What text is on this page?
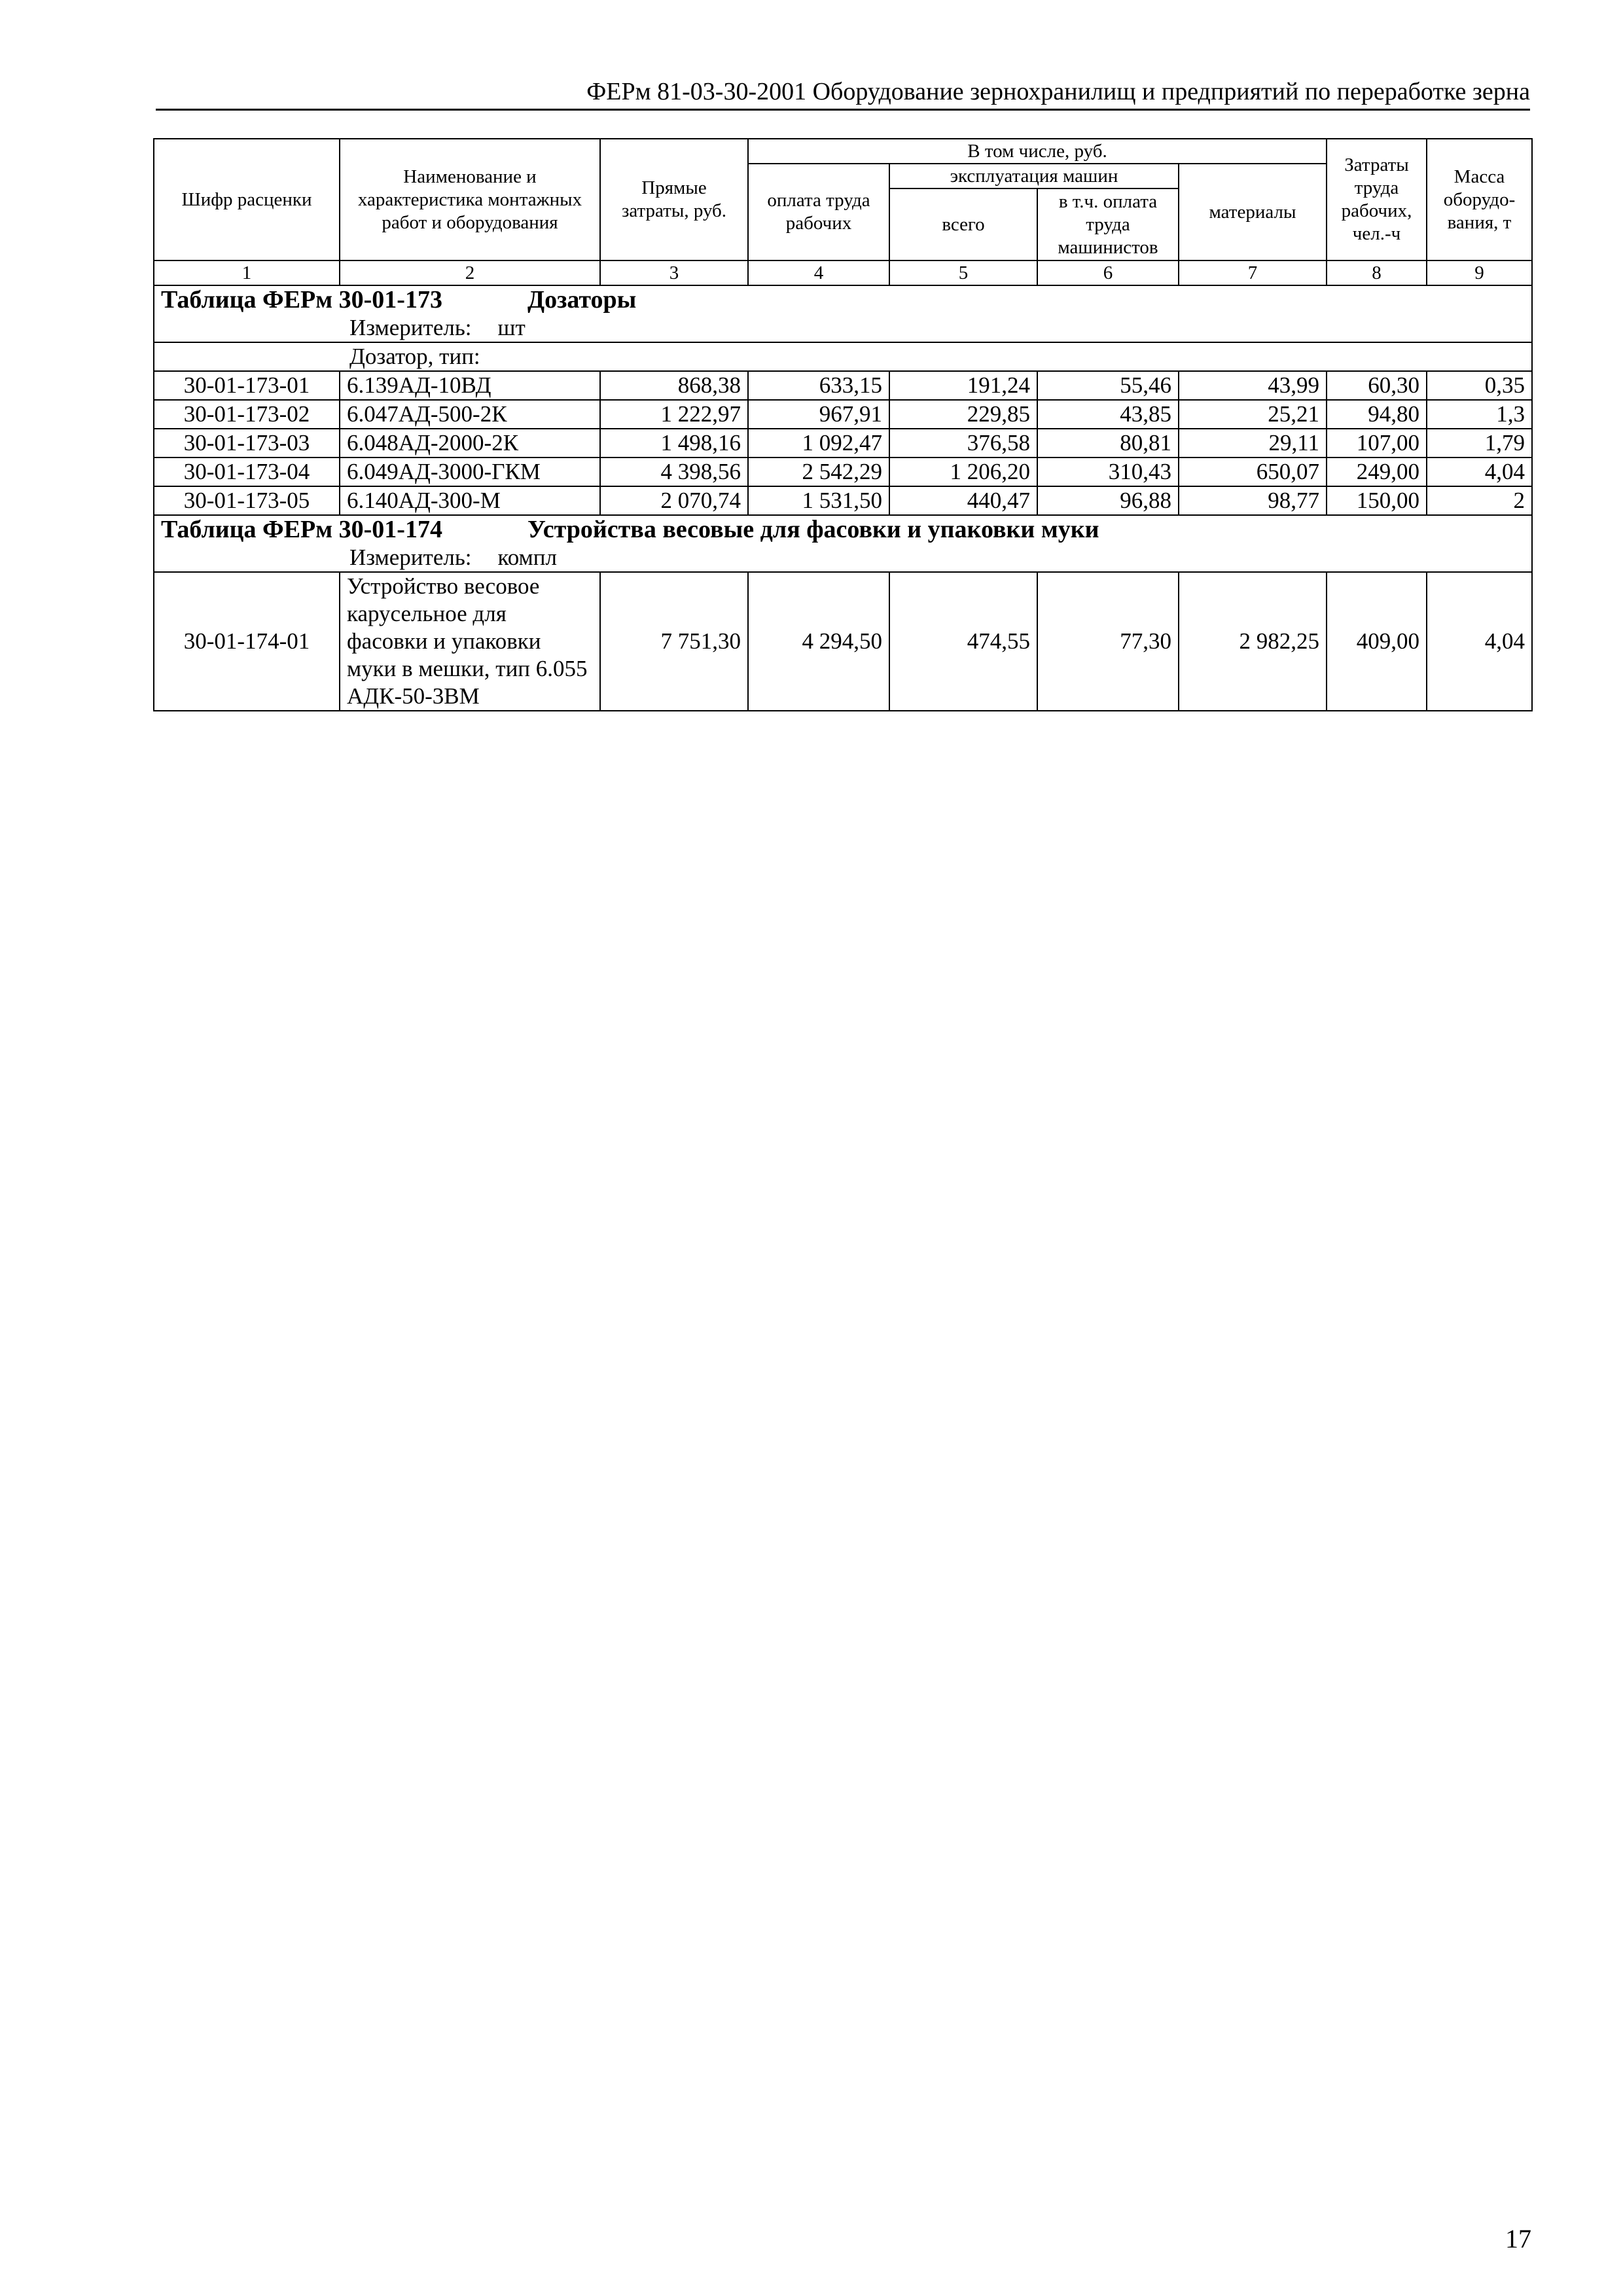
ФЕРм 81-03-30-2001 Оборудование зернохранилищ и предприятий по переработке зерна
Шифр расценки	Наименование и характеристика монтажных работ и оборудования	Прямые затраты, руб.	В том числе, руб.				Затраты труда рабочих, чел.-ч	Масса оборудо-вания, т
			оплата труда рабочих	эксплуатация машин		материалы		
				всего	в т.ч. оплата труда машинистов			
1	2	3	4	5	6	7	8	9
Таблица ФЕРм 30-01-173 Дозаторы								
Измеритель: шт								
Дозатор, тип:								
30-01-173-01	6.139АД-10ВД	868,38	633,15	191,24	55,46	43,99	60,30	0,35
30-01-173-02	6.047АД-500-2К	1 222,97	967,91	229,85	43,85	25,21	94,80	1,3
30-01-173-03	6.048АД-2000-2К	1 498,16	1 092,47	376,58	80,81	29,11	107,00	1,79
30-01-173-04	6.049АД-3000-ГКМ	4 398,56	2 542,29	1 206,20	310,43	650,07	249,00	4,04
30-01-173-05	6.140АД-300-М	2 070,74	1 531,50	440,47	96,88	98,77	150,00	2
Таблица ФЕРм 30-01-174 Устройства весовые для фасовки и упаковки муки								
Измеритель: компл								
30-01-174-01	Устройство весовое карусельное для фасовки и упаковки муки в мешки, тип 6.055 АДК-50-3ВМ	7 751,30	4 294,50	474,55	77,30	2 982,25	409,00	4,04
17
